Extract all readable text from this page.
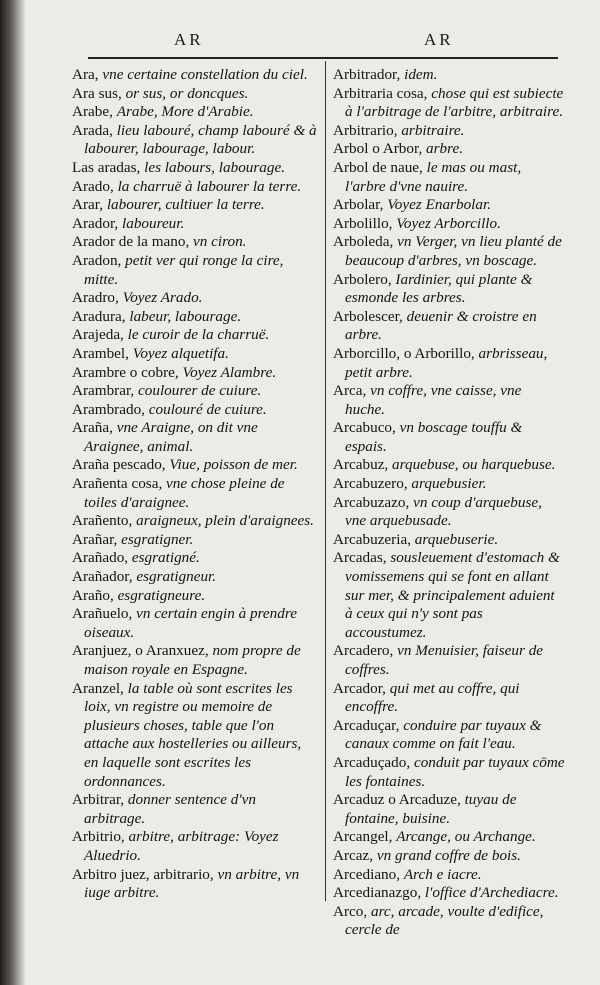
AR	AR

Ara, vne certaine constellation du ciel.

Ara sus, or sus, or doncques.

Arabe, Arabe, More d'Arabie.

Arada, lieu labouré, champ labouré & à labourer, labourage, labour.

Las aradas, les labours, labourage.

Arado, la charruë à labourer la terre.

Arar, labourer, cultiuer la terre.

Arador, laboureur.

Arador de la mano, vn ciron.

Aradon, petit ver qui ronge la cire, mitte.

Aradro, Voyez Arado.

Aradura, labeur, labourage.

Arajeda, le curoir de la charruë.

Arambel, Voyez alquetifa.

Arambre o cobre, Voyez Alambre.

Arambrar, coulourer de cuiure.

Arambrado, coulouré de cuiure.

Araña, vne Araigne, on dit vne Araignee, animal.

Araña pescado, Viue, poisson de mer.

Arañenta cosa, vne chose pleine de toiles d'araignee.

Arañento, araigneux, plein d'araignees.

Arañar, esgratigner.

Arañado, esgratigné.

Arañador, esgratigneur.

Araño, esgratigneure.

Arañuelo, vn certain engin à prendre oiseaux.

Aranjuez, o Aranxuez, nom propre de maison royale en Espagne.

Aranzel, la table où sont escrites les loix, vn registre ou memoire de plusieurs choses, table que l'on attache aux hostelleries ou ailleurs, en laquelle sont escrites les ordonnances.

Arbitrar, donner sentence d'vn arbitrage.

Arbitrio, arbitre, arbitrage: Voyez Aluedrio.

Arbitro juez, arbitrario, vn arbitre, vn iuge arbitre.

Arbitrador, idem.

Arbitraria cosa, chose qui est subiecte à l'arbitrage de l'arbitre, arbitraire.

Arbitrario, arbitraire.

Arbol o Arbor, arbre.

Arbol de naue, le mas ou mast, l'arbre d'vne nauire.

Arbolar, Voyez Enarbolar.

Arbolillo, Voyez Arborcillo.

Arboleda, vn Verger, vn lieu planté de beaucoup d'arbres, vn boscage.

Arbolero, Iardinier, qui plante & esmonde les arbres.

Arbolescer, deuenir & croistre en arbre.

Arborcillo, o Arborillo, arbrisseau, petit arbre.

Arca, vn coffre, vne caisse, vne huche.

Arcabuco, vn boscage touffu & espais.

Arcabuz, arquebuse, ou harquebuse.

Arcabuzero, arquebusier.

Arcabuzazo, vn coup d'arquebuse, vne arquebusade.

Arcabuzeria, arquebuserie.

Arcadas, sousleuement d'estomach & vomissemens qui se font en allant sur mer, & principalement aduient à ceux qui n'y sont pas accoustumez.

Arcadero, vn Menuisier, faiseur de coffres.

Arcador, qui met au coffre, qui encoffre.

Arcaduçar, conduire par tuyaux & canaux comme on fait l'eau.

Arcaduçado, conduit par tuyaux cōme les fontaines.

Arcaduz o Arcaduze, tuyau de fontaine, buisine.

Arcangel, Arcange, ou Archange.

Arcaz, vn grand coffre de bois.

Arcediano, Arch e iacre.

Arcedianazgo, l'office d'Archediacre.

Arco, arc, arcade, voulte d'edifice, cercle de
